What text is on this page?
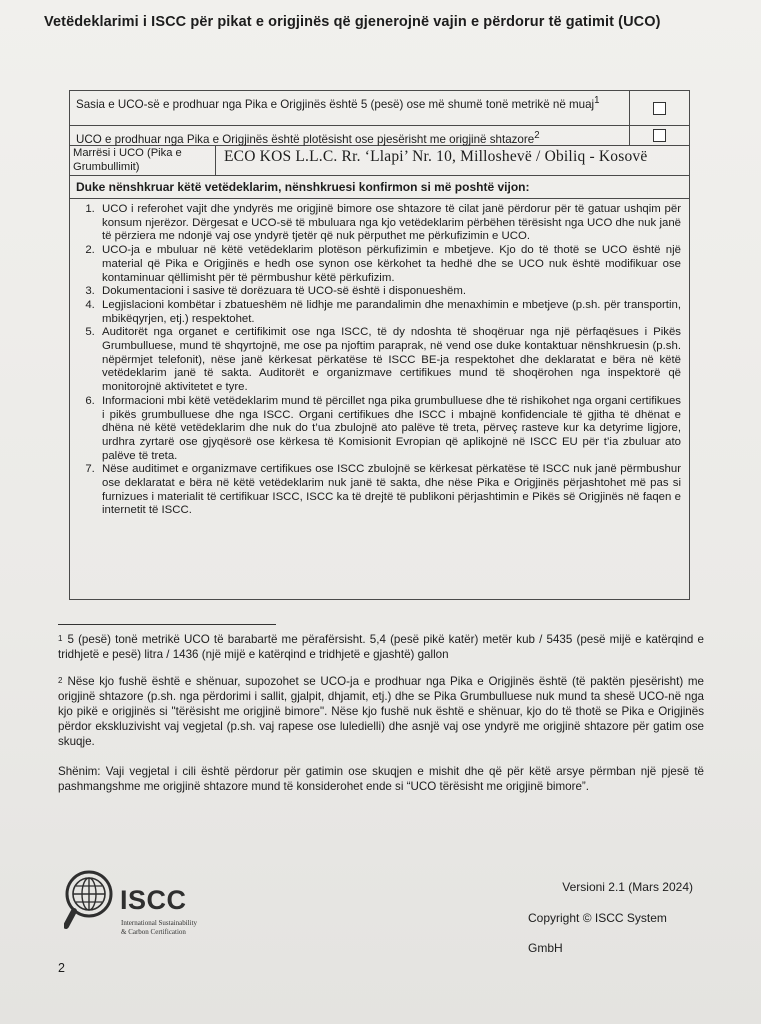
Vetëdeklarimi i ISCC për pikat e origjinës që gjenerojnë vajin e përdorur të gatimit (UCO)
Sasia e UCO-së e prodhuar nga Pika e Origjinës është 5 (pesë) ose më shumë tonë metrikë në muaj$^1$
UCO e prodhuar nga Pika e Origjinës është plotësisht ose pjesërisht me origjinë shtazore$^2$
Marrësi i UCO (Pika e Grumbullimit)
ECO KOS L.L.C. Rr. ‘Llapi’ Nr. 10, Milloshevë / Obiliq - Kosovë
Duke nënshkruar këtë vetëdeklarim, nënshkruesi konfirmon si më poshtë vijon:
1. UCO i referohet vajit dhe yndyrës me origjinë bimore ose shtazore të cilat janë përdorur për të gatuar ushqim për konsum njerëzor. Dërgesat e UCO-së të mbuluara nga kjo vetëdeklarim përbëhen tërësisht nga UCO dhe nuk janë të përziera me ndonjë vaj ose yndyrë tjetër që nuk përputhet me përkufizimin e UCO.
2. UCO-ja e mbuluar në këtë vetëdeklarim plotëson përkufizimin e mbetjeve. Kjo do të thotë se UCO është një material që Pika e Origjinës e hedh ose synon ose kërkohet ta hedhë dhe se UCO nuk është modifikuar ose kontaminuar qëllimisht për të përmbushur këtë përkufizim.
3. Dokumentacioni i sasive të dorëzuara të UCO-së është i disponueshëm.
4. Legjislacioni kombëtar i zbatueshëm në lidhje me parandalimin dhe menaxhimin e mbetjeve (p.sh. për transportin, mbikëqyrjen, etj.) respektohet.
5. Auditorët nga organet e certifikimit ose nga ISCC, të dy ndoshta të shoqëruar nga një përfaqësues i Pikës Grumbulluese, mund të shqyrtojnë, me ose pa njoftim paraprak, në vend ose duke kontaktuar nënshkruesin (p.sh. nëpërmjet telefonit), nëse janë kërkesat përkatëse të ISCC BE-ja respektohet dhe deklaratat e bëra në këtë vetëdeklarim janë të sakta. Auditorët e organizmave certifikues mund të shoqërohen nga inspektorë që monitorojnë aktivitetet e tyre.
6. Informacioni mbi këtë vetëdeklarim mund të përcillet nga pika grumbulluese dhe të rishikohet nga organi certifikues i pikës grumbulluese dhe nga ISCC. Organi certifikues dhe ISCC i mbajnë konfidenciale të gjitha të dhënat e dhëna në këtë vetëdeklarim dhe nuk do t’ua zbulojnë ato palëve të treta, përveç rasteve kur ka detyrime ligjore, urdhra zyrtarë ose gjyqësorë ose kërkesa të Komisionit Evropian që aplikojnë në ISCC EU për t’ia zbuluar ato palëve të treta.
7. Nëse auditimet e organizmave certifikues ose ISCC zbulojnë se kërkesat përkatëse të ISCC nuk janë përmbushur ose deklaratat e bëra në këtë vetëdeklarim nuk janë të sakta, dhe nëse Pika e Origjinës përjashtohet më pas si furnizues i materialit të certifikuar ISCC, ISCC ka të drejtë të publikoni përjashtimin e Pikës së Origjinës në faqen e internetit të ISCC.
$^1$ 5 (pesë) tonë metrikë UCO të barabartë me përafërsisht. 5,4 (pesë pikë katër) metër kub / 5435 (pesë mijë e katërqind e tridhjetë e pesë) litra / 1436 (një mijë e katërqind e tridhjetë e gjashtë) gallon
$^2$ Nëse kjo fushë është e shënuar, supozohet se UCO-ja e prodhuar nga Pika e Origjinës është (të paktën pjesërisht) me origjinë shtazore (p.sh. nga përdorimi i sallit, gjalpit, dhjamit, etj.) dhe se Pika Grumbulluese nuk mund ta shesë UCO-në nga kjo pikë e origjinës si "tërësisht me origjinë bimore". Nëse kjo fushë nuk është e shënuar, kjo do të thotë se Pika e Origjinës përdor ekskluzivisht vaj vegjetal (p.sh. vaj rapese ose luledielli) dhe asnjë vaj ose yndyrë me origjinë shtazore për gatim ose skuqje.
Shënim: Vaji vegjetal i cili është përdorur për gatimin ose skuqjen e mishit dhe që për këtë arsye përmban një pjesë të pashmangshme me origjinë shtazore mund të konsiderohet ende si “UCO tërësisht me origjinë bimore”.
ISCC
International Sustainability
& Carbon Certification
Versioni 2.1 (Mars 2024)
Copyright © ISCC System
GmbH
2
